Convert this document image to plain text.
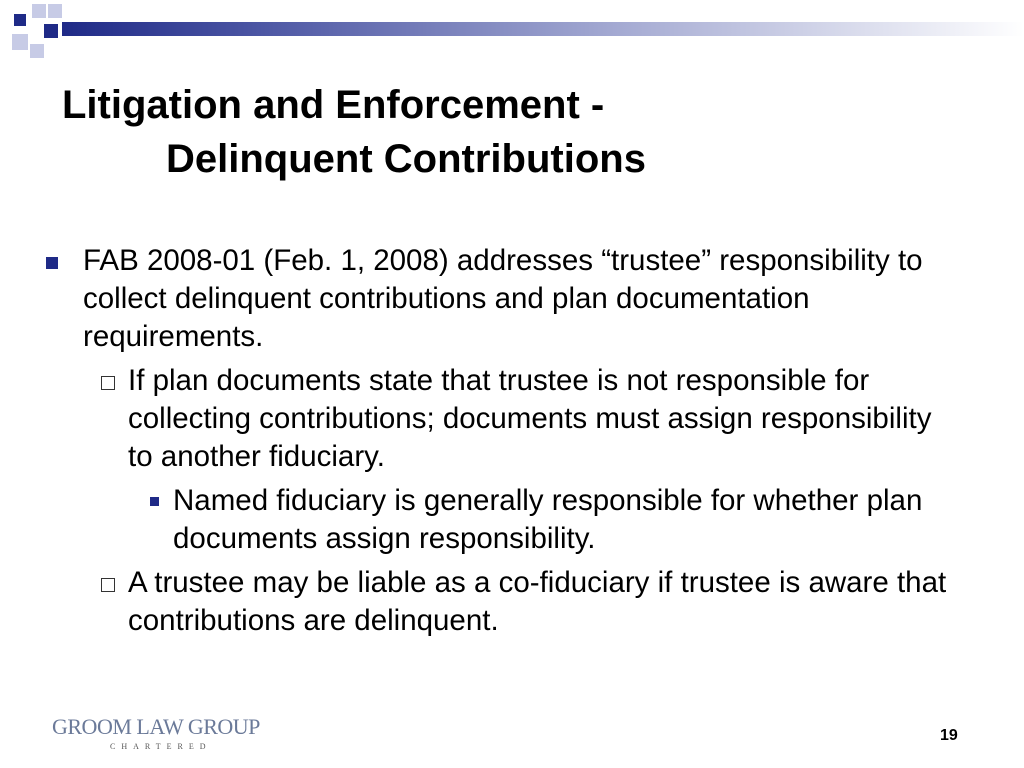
Litigation and Enforcement -
Delinquent Contributions
FAB 2008-01 (Feb. 1, 2008) addresses “trustee” responsibility to collect delinquent contributions and plan documentation requirements.
If plan documents state that trustee is not responsible for collecting contributions; documents must assign responsibility to another fiduciary.
Named fiduciary is generally responsible for whether plan documents assign responsibility.
A trustee may be liable as a co-fiduciary if trustee is aware that contributions are delinquent.
GROOM LAW GROUP
CHARTERED
19
